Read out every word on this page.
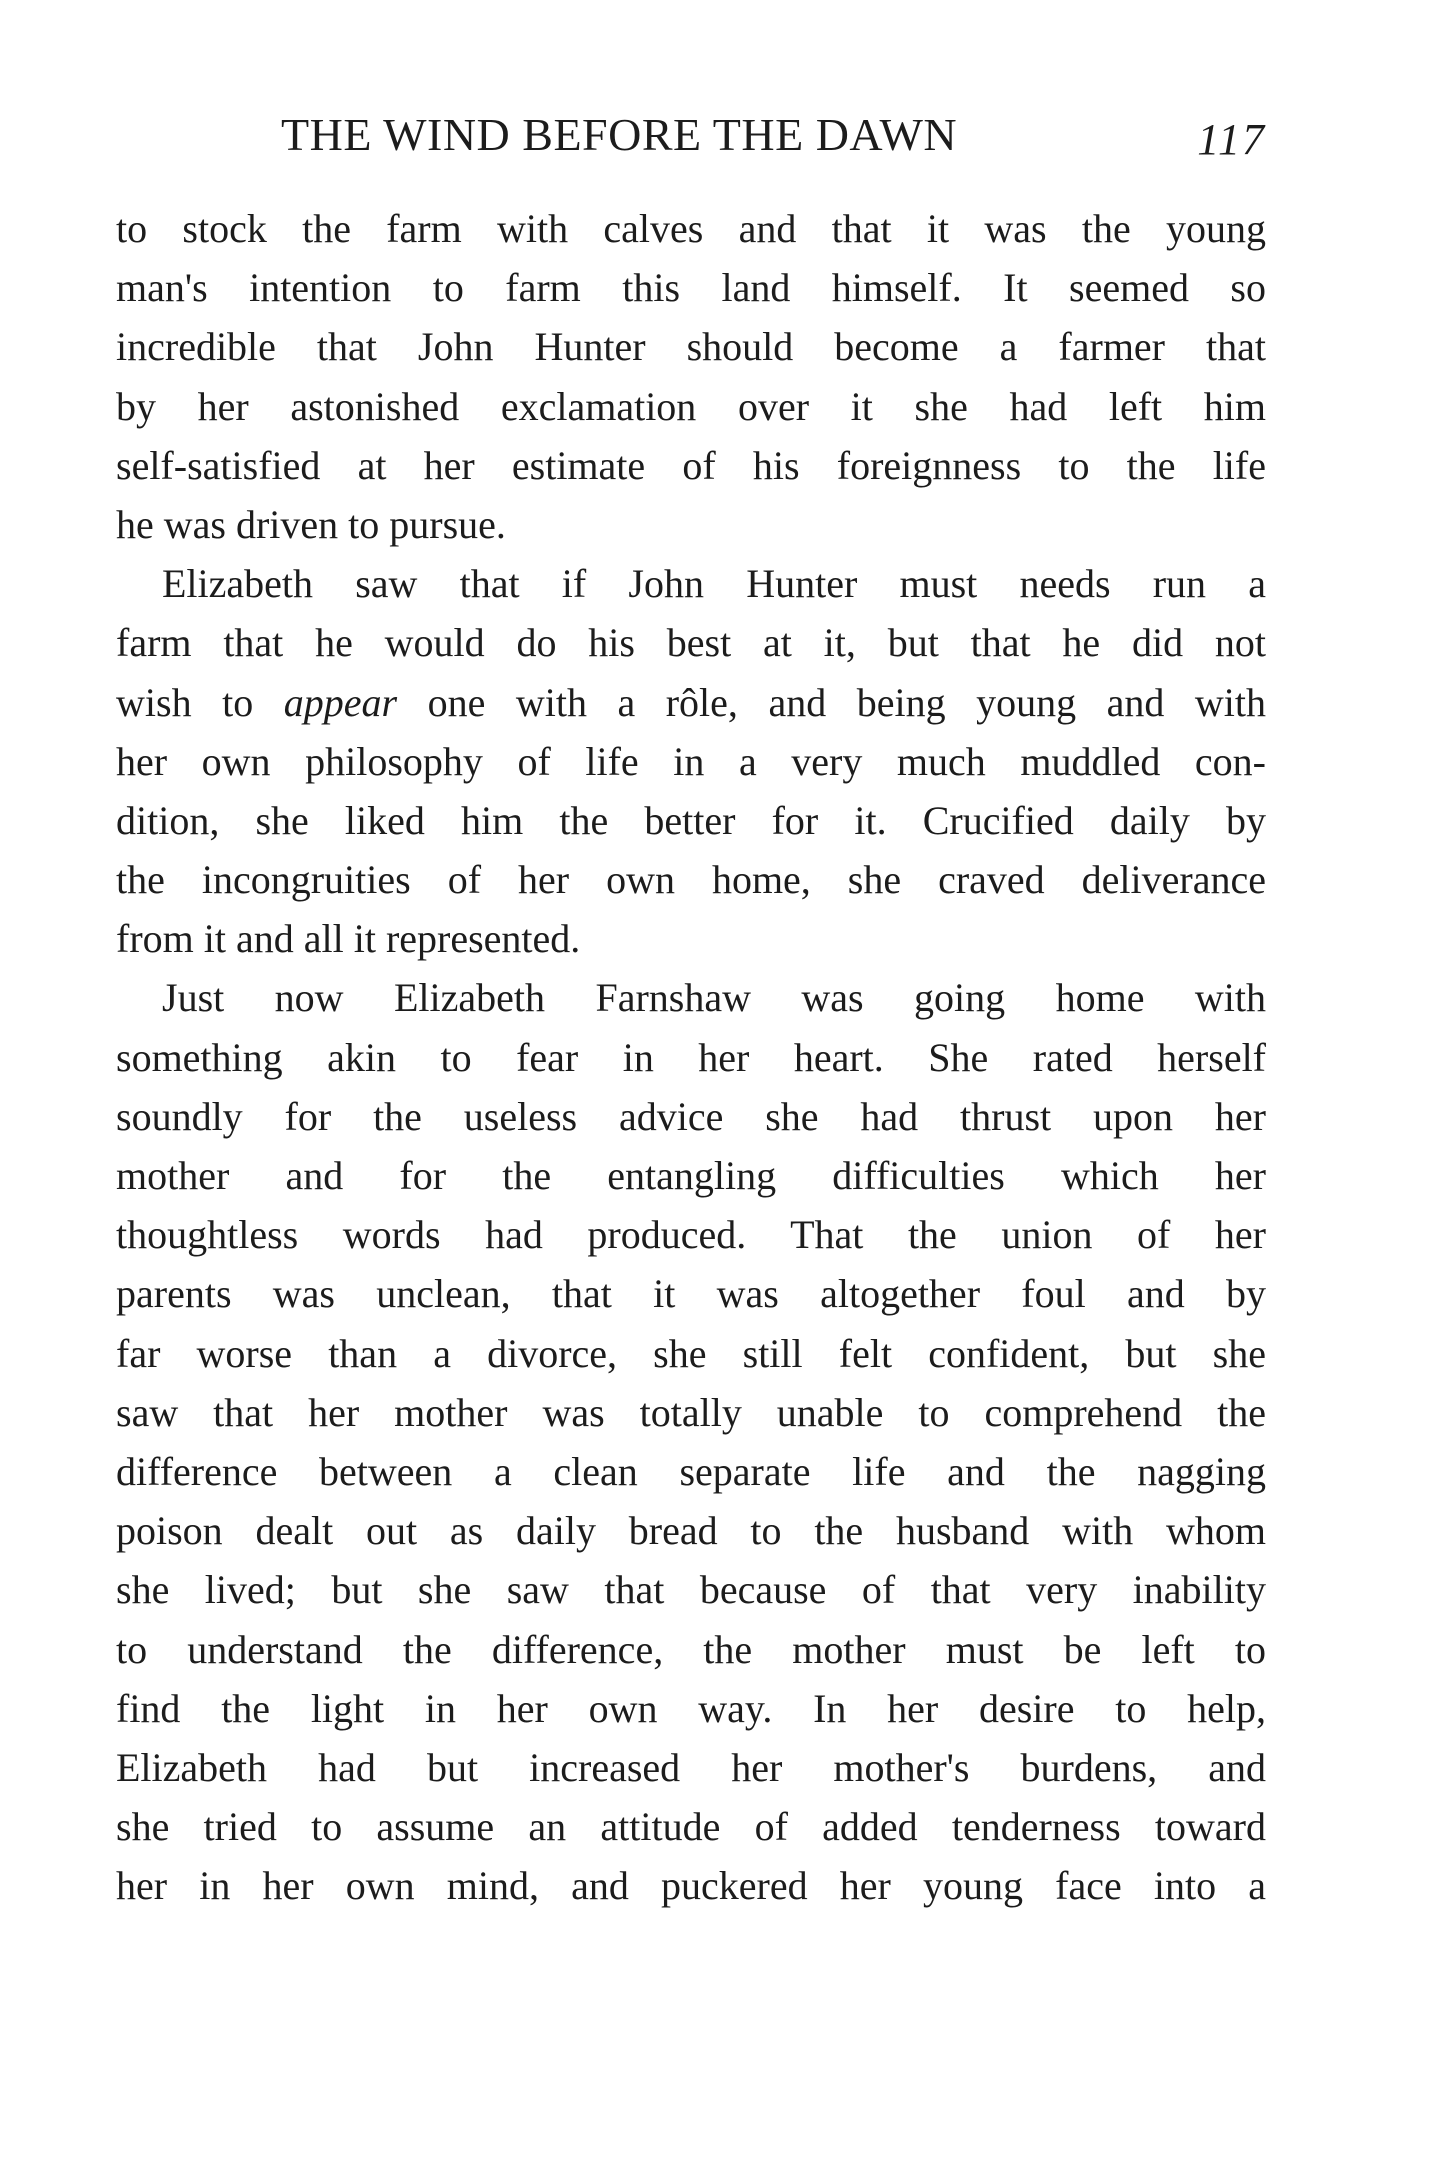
THE WIND BEFORE THE DAWN	117
to stock the farm with calves and that it was the young
man's intention to farm this land himself. It seemed so
incredible that John Hunter should become a farmer that
by her astonished exclamation over it she had left him
self-satisfied at her estimate of his foreignness to the life
he was driven to pursue.
Elizabeth saw that if John Hunter must needs run a
farm that he would do his best at it, but that he did not
wish to appear one with a rôle, and being young and with
her own philosophy of life in a very much muddled con-
dition, she liked him the better for it. Crucified daily by
the incongruities of her own home, she craved deliverance
from it and all it represented.
Just now Elizabeth Farnshaw was going home with
something akin to fear in her heart. She rated herself
soundly for the useless advice she had thrust upon her
mother and for the entangling difficulties which her
thoughtless words had produced. That the union of her
parents was unclean, that it was altogether foul and by
far worse than a divorce, she still felt confident, but she
saw that her mother was totally unable to comprehend the
difference between a clean separate life and the nagging
poison dealt out as daily bread to the husband with whom
she lived; but she saw that because of that very inability
to understand the difference, the mother must be left to
find the light in her own way. In her desire to help,
Elizabeth had but increased her mother's burdens, and
she tried to assume an attitude of added tenderness toward
her in her own mind, and puckered her young face into a
